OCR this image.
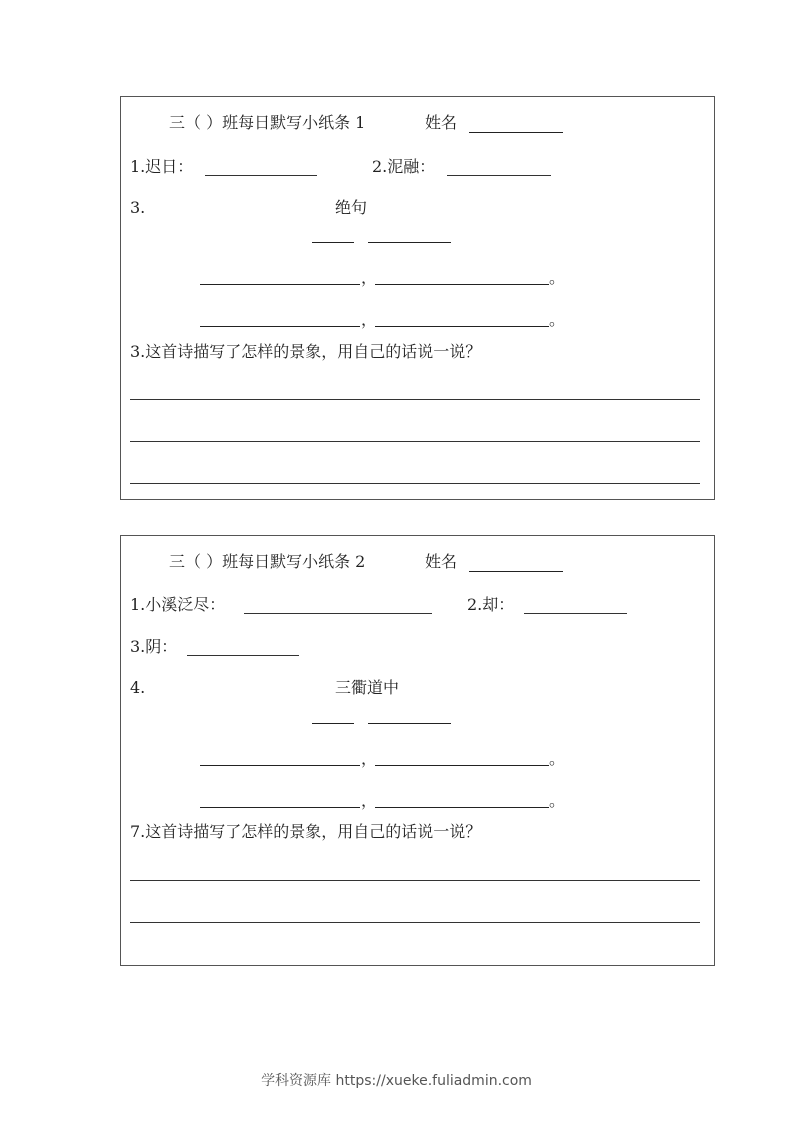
三（ ）班每日默写小纸条 1	姓名
1.迟日：	2.泥融：
3.	绝句
，	。
，	。
3.这首诗描写了怎样的景象，用自己的话说一说？
三（ ）班每日默写小纸条 2	姓名
1.小溪泛尽：	2.却：
3.阴：
4.	三衢道中
，	。
，	。
7.这首诗描写了怎样的景象，用自己的话说一说？
学科资源库 https://xueke.fuliadmin.com
